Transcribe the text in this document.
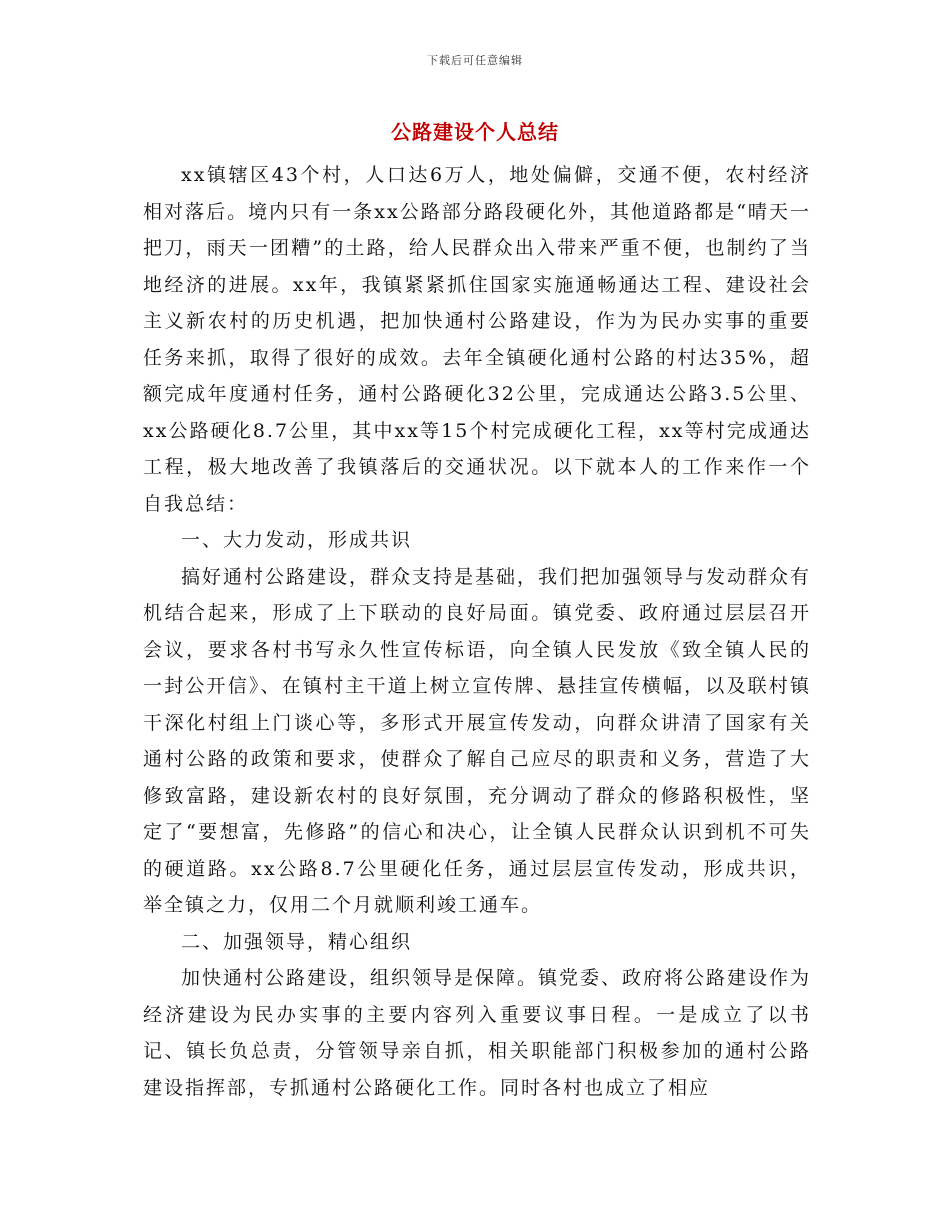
下载后可任意编辑
公路建设个人总结

xx镇辖区43个村，人口达6万人，地处偏僻，交通不便，农村经济相对落后。境内只有一条xx公路部分路段硬化外，其他道路都是“晴天一把刀，雨天一团糟”的土路，给人民群众出入带来严重不便，也制约了当地经济的进展。xx年，我镇紧紧抓住国家实施通畅通达工程、建设社会主义新农村的历史机遇，把加快通村公路建设，作为为民办实事的重要任务来抓，取得了很好的成效。去年全镇硬化通村公路的村达35%，超额完成年度通村任务，通村公路硬化32公里，完成通达公路3.5公里、xx公路硬化8.7公里，其中xx等15个村完成硬化工程，xx等村完成通达工程，极大地改善了我镇落后的交通状况。以下就本人的工作来作一个自我总结：

一、大力发动，形成共识

搞好通村公路建设，群众支持是基础，我们把加强领导与发动群众有机结合起来，形成了上下联动的良好局面。镇党委、政府通过层层召开会议，要求各村书写永久性宣传标语，向全镇人民发放《致全镇人民的一封公开信》、在镇村主干道上树立宣传牌、悬挂宣传横幅，以及联村镇干深化村组上门谈心等，多形式开展宣传发动，向群众讲清了国家有关通村公路的政策和要求，使群众了解自己应尽的职责和义务，营造了大修致富路，建设新农村的良好氛围，充分调动了群众的修路积极性，坚定了“要想富，先修路”的信心和决心，让全镇人民群众认识到机不可失的硬道路。xx公路8.7公里硬化任务，通过层层宣传发动，形成共识，举全镇之力，仅用二个月就顺利竣工通车。

二、加强领导，精心组织

加快通村公路建设，组织领导是保障。镇党委、政府将公路建设作为经济建设为民办实事的主要内容列入重要议事日程。一是成立了以书记、镇长负总责，分管领导亲自抓，相关职能部门积极参加的通村公路建设指挥部，专抓通村公路硬化工作。同时各村也成立了相应
